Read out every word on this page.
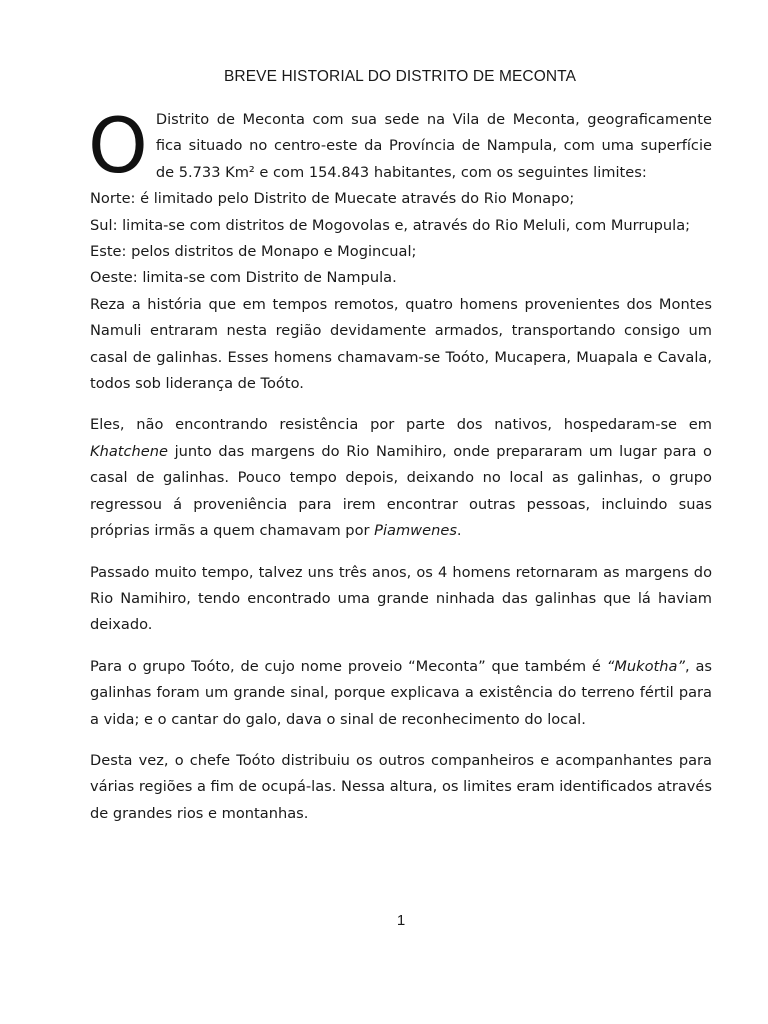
BREVE HISTORIAL DO DISTRITO DE MECONTA

O Distrito de Meconta com sua sede na Vila de Meconta, geograficamente fica situado no centro-este da Província de Nampula, com uma superfície de 5.733 Km² e com 154.843 habitantes, com os seguintes limites:

Norte: é limitado pelo Distrito de Muecate através do Rio Monapo;
Sul: limita-se com distritos de Mogovolas e, através do Rio Meluli, com Murrupula;
Este: pelos distritos de Monapo e Mogincual;
Oeste: limita-se com Distrito de Nampula.

Reza a história que em tempos remotos, quatro homens provenientes dos Montes Namuli entraram nesta região devidamente armados, transportando consigo um casal de galinhas. Esses homens chamavam-se Toóto, Mucapera, Muapala e Cavala, todos sob liderança de Toóto.

Eles, não encontrando resistência por parte dos nativos, hospedaram-se em Khatchene junto das margens do Rio Namihiro, onde prepararam um lugar para o casal de galinhas. Pouco tempo depois, deixando no local as galinhas, o grupo regressou á proveniência para irem encontrar outras pessoas, incluindo suas próprias irmãs a quem chamavam por Piamwenes.

Passado muito tempo, talvez uns três anos, os 4 homens retornaram as margens do Rio Namihiro, tendo encontrado uma grande ninhada das galinhas que lá haviam deixado.

Para o grupo Toóto, de cujo nome proveio “Meconta” que também é “Mukotha”, as galinhas foram um grande sinal, porque explicava a existência do terreno fértil para a vida; e o cantar do galo, dava o sinal de reconhecimento do local.

Desta vez, o chefe Toóto distribuiu os outros companheiros e acompanhantes para várias regiões a fim de ocupá-las. Nessa altura, os limites eram identificados através de grandes rios e montanhas.

1
